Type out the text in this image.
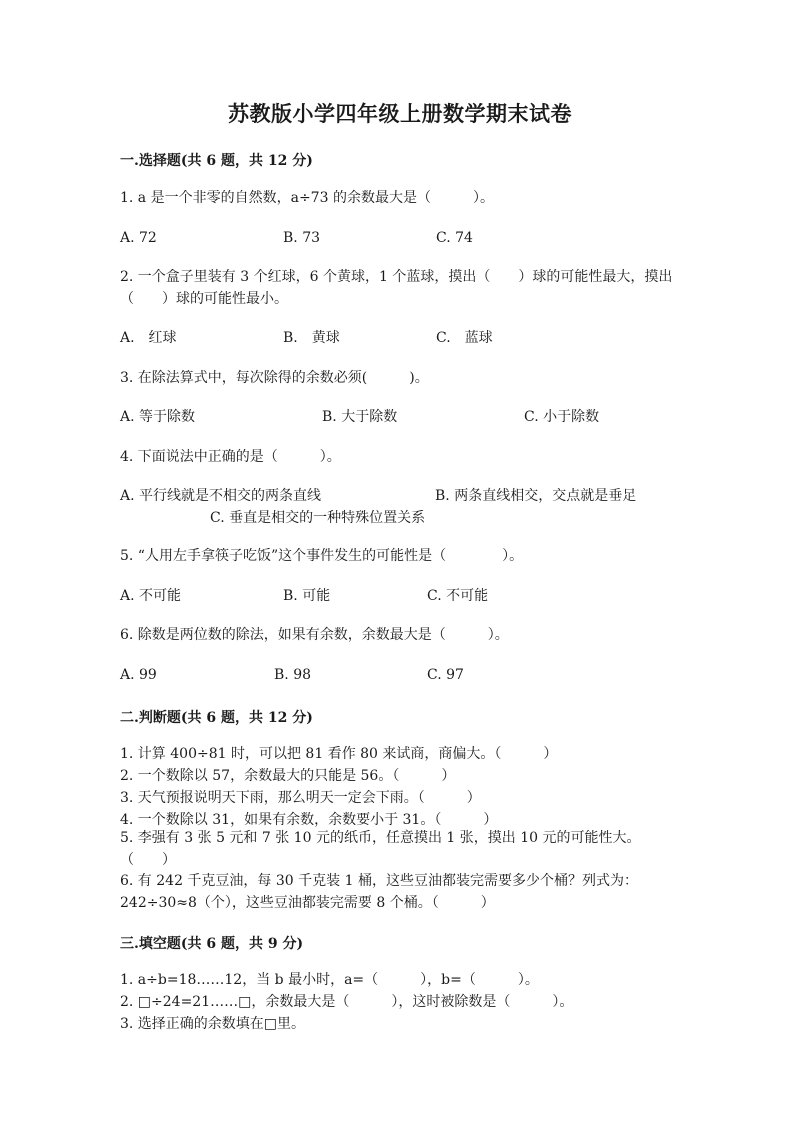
苏教版小学四年级上册数学期末试卷
一.选择题(共 6 题，共 12 分)
1. a 是一个非零的自然数，a÷73 的余数最大是（　　　）。
A. 72	B. 73	C. 74
2. 一个盒子里装有 3 个红球，6 个黄球，1 个蓝球，摸出（　　）球的可能性最大，摸出（　　）球的可能性最小。
A.　红球	B.　黄球	C.　蓝球
3. 在除法算式中，每次除得的余数必须(　　　)。
A. 等于除数	B. 大于除数	C. 小于除数
4. 下面说法中正确的是（　　　）。
A. 平行线就是不相交的两条直线	B. 两条直线相交，交点就是垂足
C. 垂直是相交的一种特殊位置关系
5. “人用左手拿筷子吃饭”这个事件发生的可能性是（　　　　）。
A. 不可能	B. 可能	C. 不可能
6. 除数是两位数的除法，如果有余数，余数最大是（　　　）。
A. 99	B. 98	C. 97
二.判断题(共 6 题，共 12 分)
1. 计算 400÷81 时，可以把 81 看作 80 来试商，商偏大。（　　　）
2. 一个数除以 57，余数最大的只能是 56。（　　　）
3. 天气预报说明天下雨，那么明天一定会下雨。（　　　）
4. 一个数除以 31，如果有余数，余数要小于 31。（　　　）
5. 李强有 3 张 5 元和 7 张 10 元的纸币，任意摸出 1 张，摸出 10 元的可能性大。　　（　　）
6. 有 242 千克豆油，每 30 千克装 1 桶，这些豆油都装完需要多少个桶？列式为：242÷30≈8（个），这些豆油都装完需要 8 个桶。（　　　）
三.填空题(共 6 题，共 9 分)
1. a÷b=18……12，当 b 最小时，a=（　　　），b=（　　　）。
2. □÷24=21……□，余数最大是（　　　），这时被除数是（　　　）。
3. 选择正确的余数填在□里。
